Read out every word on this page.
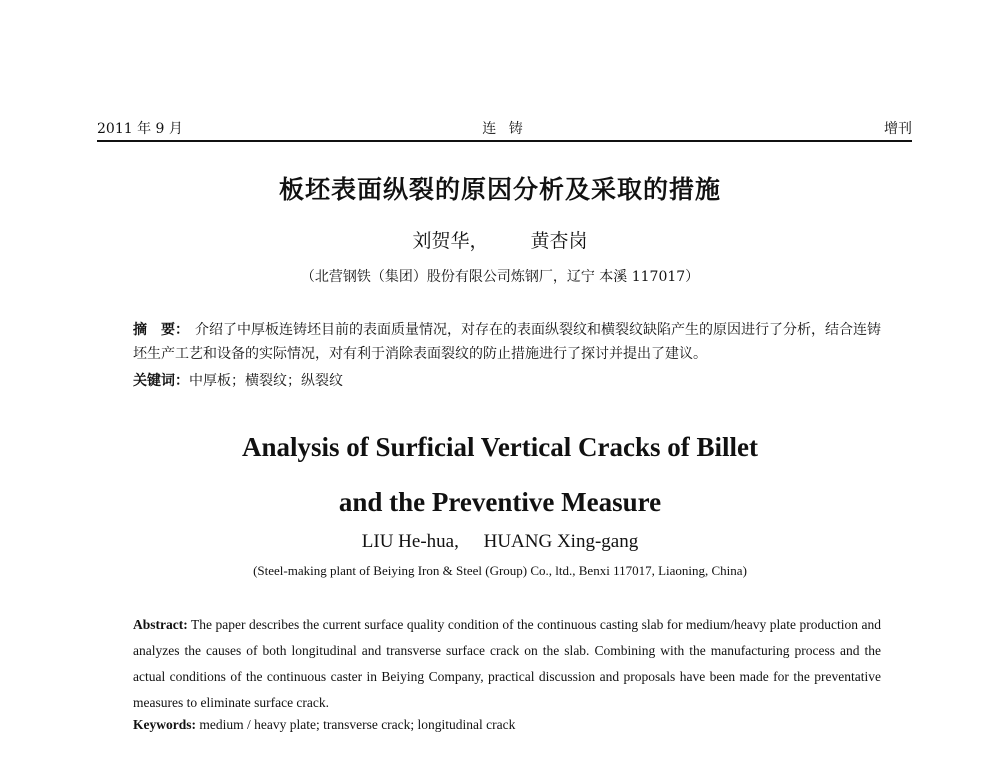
2011 年 9 月	连 铸	增刊
板坯表面纵裂的原因分析及采取的措施
刘贺华， 黄杏岗
（北营钢铁（集团）股份有限公司炼钢厂，辽宁 本溪 117017）
摘　要： 介绍了中厚板连铸坯目前的表面质量情况，对存在的表面纵裂纹和横裂纹缺陷产生的原因进行了分析，结合连铸坯生产工艺和设备的实际情况，对有利于消除表面裂纹的防止措施进行了探讨并提出了建议。
关键词：中厚板；横裂纹；纵裂纹
Analysis of Surficial Vertical Cracks of Billet
and the Preventive Measure
LIU He-hua, HUANG Xing-gang
(Steel-making plant of Beiying Iron & Steel (Group) Co., ltd., Benxi 117017, Liaoning, China)
Abstract: The paper describes the current surface quality condition of the continuous casting slab for medium/heavy plate production and analyzes the causes of both longitudinal and transverse surface crack on the slab. Combining with the manufacturing process and the actual conditions of the continuous caster in Beiying Company, practical discussion and proposals have been made for the preventative measures to eliminate surface crack.
Keywords: medium / heavy plate; transverse crack; longitudinal crack
